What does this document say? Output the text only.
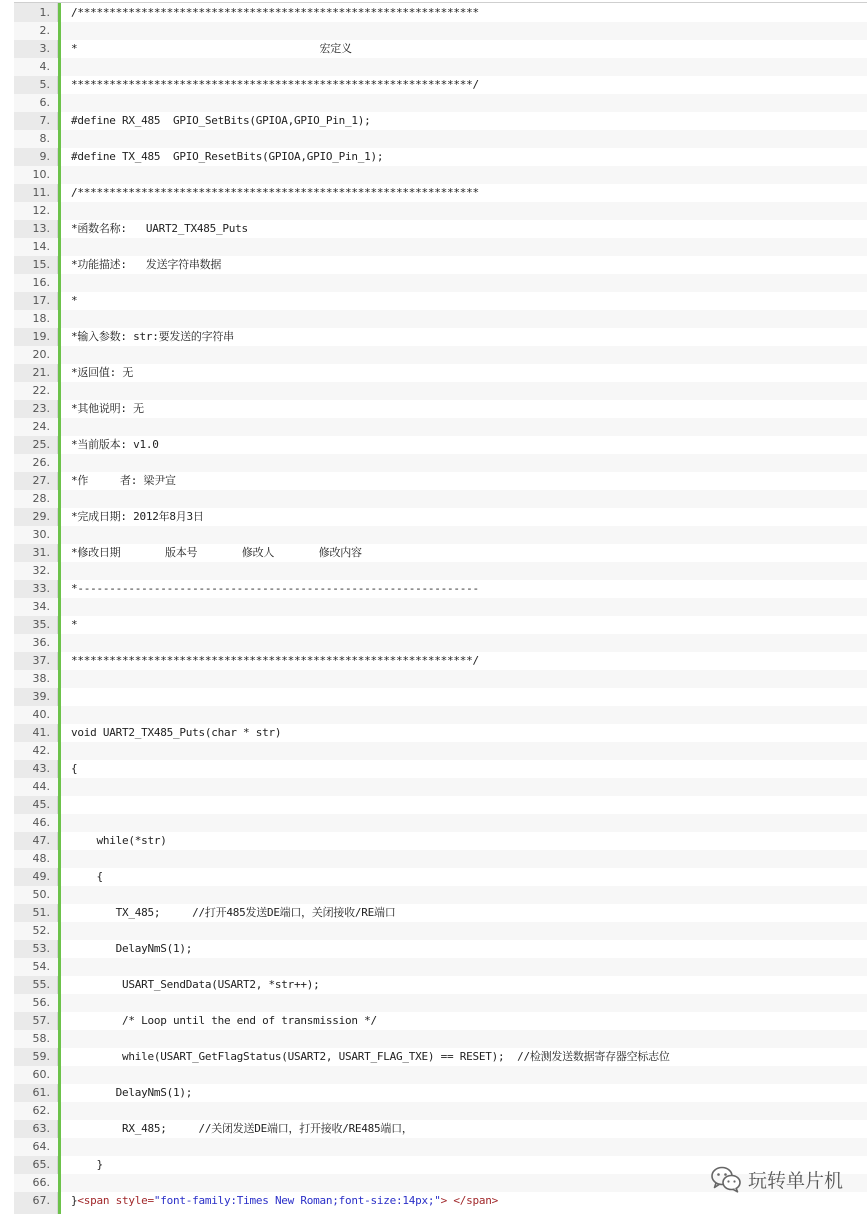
1. /***************************************************************
2.
3. *                                      宏定义
4.
5. ***************************************************************/
6.
7. #define RX_485  GPIO_SetBits(GPIOA,GPIO_Pin_1);
8.
9. #define TX_485  GPIO_ResetBits(GPIOA,GPIO_Pin_1);
10.
11. /***************************************************************
12.
13. *函数名称:   UART2_TX485_Puts
14.
15. *功能描述:   发送字符串数据
16.
17. *
18.
19. *输入参数: str:要发送的字符串
20.
21. *返回值: 无
22.
23. *其他说明: 无
24.
25. *当前版本: v1.0
26.
27. *作     者: 梁尹宣
28.
29. *完成日期: 2012年8月3日
30.
31. *修改日期       版本号       修改人       修改内容
32.
33. *---------------------------------------------------------------
34.
35. *
36.
37. ***************************************************************/
38.
39.
40.
41. void UART2_TX485_Puts(char * str)
42.
43. {
44.
45.
46.
47. while(*str)
48.
49. {
50.
51. TX_485;     //打开485发送DE端口，关闭接收/RE端口
52.
53. DelayNmS(1);
54.
55. USART_SendData(USART2, *str++);
56.
57. /* Loop until the end of transmission */
58.
59. while(USART_GetFlagStatus(USART2, USART_FLAG_TXE) == RESET);  //检测发送数据寄存器空标志位
60.
61. DelayNmS(1);
62.
63. RX_485;     //关闭发送DE端口，打开接收/RE485端口，
64.
65. }
66.
67. }<span style="font-family:Times New Roman;font-size:14px;"> </span>
玩转单片机
